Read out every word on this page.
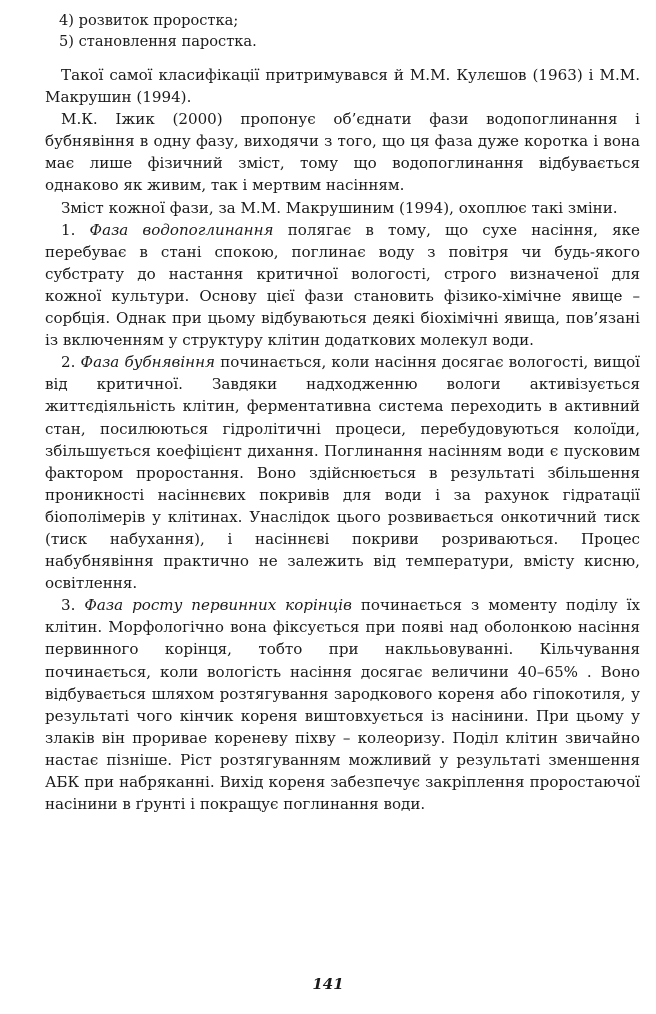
4) розвиток проростка;

5) становлення паростка.

Такої самої класифікації притримувався й М.М. Кулєшов (1963) і М.М. Макрушин (1994).

М.К. Іжик (2000) пропонує об’єднати фази водопоглинання і бубнявіння в одну фазу, виходячи з того, що ця фаза дуже коротка і вона має лише фізичний зміст, тому що водопоглинання відбувається однаково як живим, так і мертвим насінням.

Зміст кожної фази, за М.М. Макрушиним (1994), охоплює такі зміни.

1. Фаза водопоглинання полягає в тому, що сухе насіння, яке перебуває в стані спокою, поглинає воду з повітря чи будь-якого субстрату до настання критичної вологості, строго визначеної для кожної культури. Основу цієї фази становить фізико-хімічне явище – сорбція. Однак при цьому відбуваються деякі біохімічні явища, пов’язані із включенням у структуру клітин додаткових молекул води.

2. Фаза бубнявіння починається, коли насіння досягає вологості, вищої від критичної. Завдяки надходженню вологи активізується життєдіяльність клітин, ферментативна система переходить в активний стан, посилюються гідролітичні процеси, перебудовуються колоїди, збільшується коефіцієнт дихання. Поглинання насінням води є пусковим фактором проростання. Воно здійснюється в результаті збільшення проникності насіннєвих покривів для води і за рахунок гідратації біополімерів у клітинах. Унаслідок цього розвивається онкотичний тиск (тиск набухання), і насіннєві покриви розриваються. Процес набубнявіння практично не залежить від температури, вмісту кисню, освітлення.

3. Фаза росту первинних корінців починається з моменту поділу їх клітин. Морфологічно вона фіксується при появі над оболонкою насіння первинного корінця, тобто при наклььовуванні. Кільчування починається, коли вологість насіння досягає величини 40–65% . Воно відбувається шляхом розтягування зародкового кореня або гіпокотиля, у результаті чого кінчик кореня виштовхується із насінини. При цьому у злаків він проривае кореневу піхву – колеоризу. Поділ клітин звичайно настає пізніше. Ріст розтягуванням можливий у результаті зменшення АБК при набряканні. Вихід кореня забезпечує закріплення проростаючої насінини в ґрунті і покращує поглинання води.

141
